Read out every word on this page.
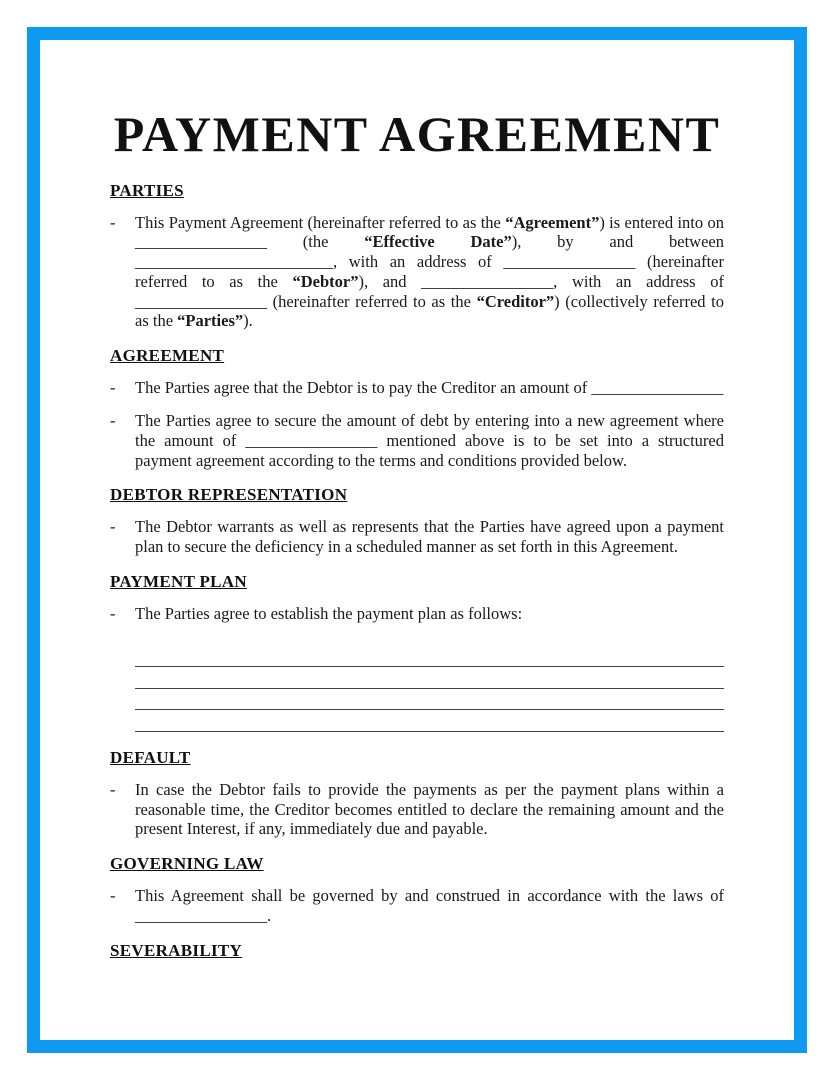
PAYMENT AGREEMENT
PARTIES
-	This Payment Agreement (hereinafter referred to as the “Agreement”) is entered into on ________________ (the “Effective Date”), by and between ________________________, with an address of ________________ (hereinafter referred to as the “Debtor”), and ________________, with an address of ________________ (hereinafter referred to as the “Creditor”) (collectively referred to as the “Parties”).
AGREEMENT
-	The Parties agree that the Debtor is to pay the Creditor an amount of ________________
-	The Parties agree to secure the amount of debt by entering into a new agreement where the amount of ________________ mentioned above is to be set into a structured payment agreement according to the terms and conditions provided below.
DEBTOR REPRESENTATION
-	The Debtor warrants as well as represents that the Parties have agreed upon a payment plan to secure the deficiency in a scheduled manner as set forth in this Agreement.
PAYMENT PLAN
-	The Parties agree to establish the payment plan as follows:
DEFAULT
-	In case the Debtor fails to provide the payments as per the payment plans within a reasonable time, the Creditor becomes entitled to declare the remaining amount and the present Interest, if any, immediately due and payable.
GOVERNING LAW
-	This Agreement shall be governed by and construed in accordance with the laws of ________________.
SEVERABILITY
